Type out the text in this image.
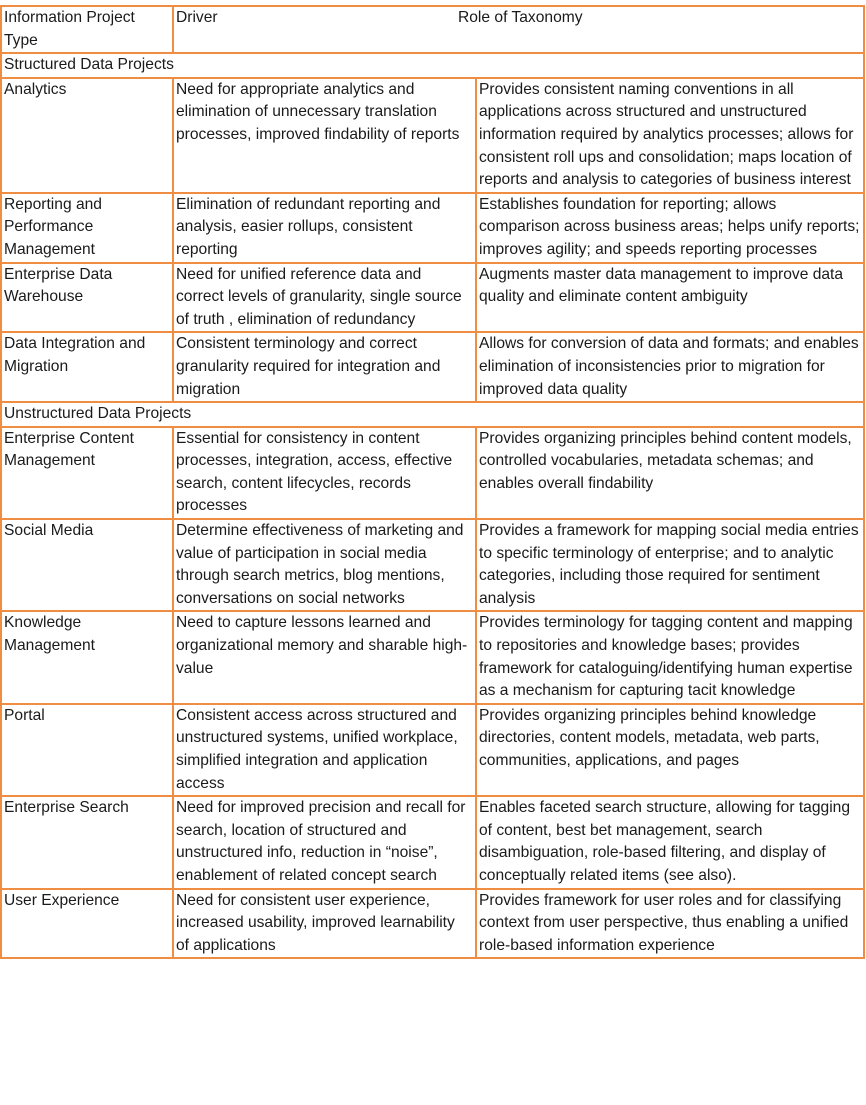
Information Project Type	Driver	Role of Taxonomy

Structured Data Projects		
Analytics	Need for appropriate analytics and elimination of unnecessary translation processes, improved findability of reports	Provides consistent naming conventions in all applications across structured and unstructured information required by analytics processes; allows for consistent roll ups and consolidation; maps location of reports and analysis to categories of business interest
Reporting and Performance Management	Elimination of redundant reporting and analysis, easier rollups, consistent reporting	Establishes foundation for reporting; allows comparison across business areas; helps unify reports; improves agility; and speeds reporting processes
Enterprise Data Warehouse	Need for unified reference data and correct levels of granularity, single source of truth , elimination of redundancy	Augments master data management to improve data quality and eliminate content ambiguity
Data Integration and Migration	Consistent terminology and correct granularity required for integration and migration	Allows for conversion of data and formats; and enables elimination of inconsistencies prior to migration for improved data quality
Unstructured Data Projects		
Enterprise Content Management	Essential for consistency in content processes, integration, access, effective search, content lifecycles, records processes	Provides organizing principles behind content models, controlled vocabularies, metadata schemas; and enables overall findability
Social Media	Determine effectiveness of marketing and value of participation in social media through search metrics, blog mentions, conversations on social networks	Provides a framework for mapping social media entries to specific terminology of enterprise; and to analytic categories, including those required for sentiment analysis
Knowledge Management	Need to capture lessons learned and organizational memory and sharable high-value	Provides terminology for tagging content and mapping to repositories and knowledge bases; provides framework for cataloguing/identifying human expertise as a mechanism for capturing tacit knowledge
Portal	Consistent access across structured and unstructured systems, unified workplace, simplified integration and application access	Provides organizing principles behind knowledge directories, content models, metadata, web parts, communities, applications, and pages
Enterprise Search	Need for improved precision and recall for search, location of structured and unstructured info, reduction in “noise”, enablement of related concept search	Enables faceted search structure, allowing for tagging of content, best bet management, search disambiguation, role-based filtering, and display of conceptually related items (see also).
User Experience	Need for consistent user experience, increased usability, improved learnability of applications	Provides framework for user roles and for classifying context from user perspective, thus enabling a unified role-based information experience
